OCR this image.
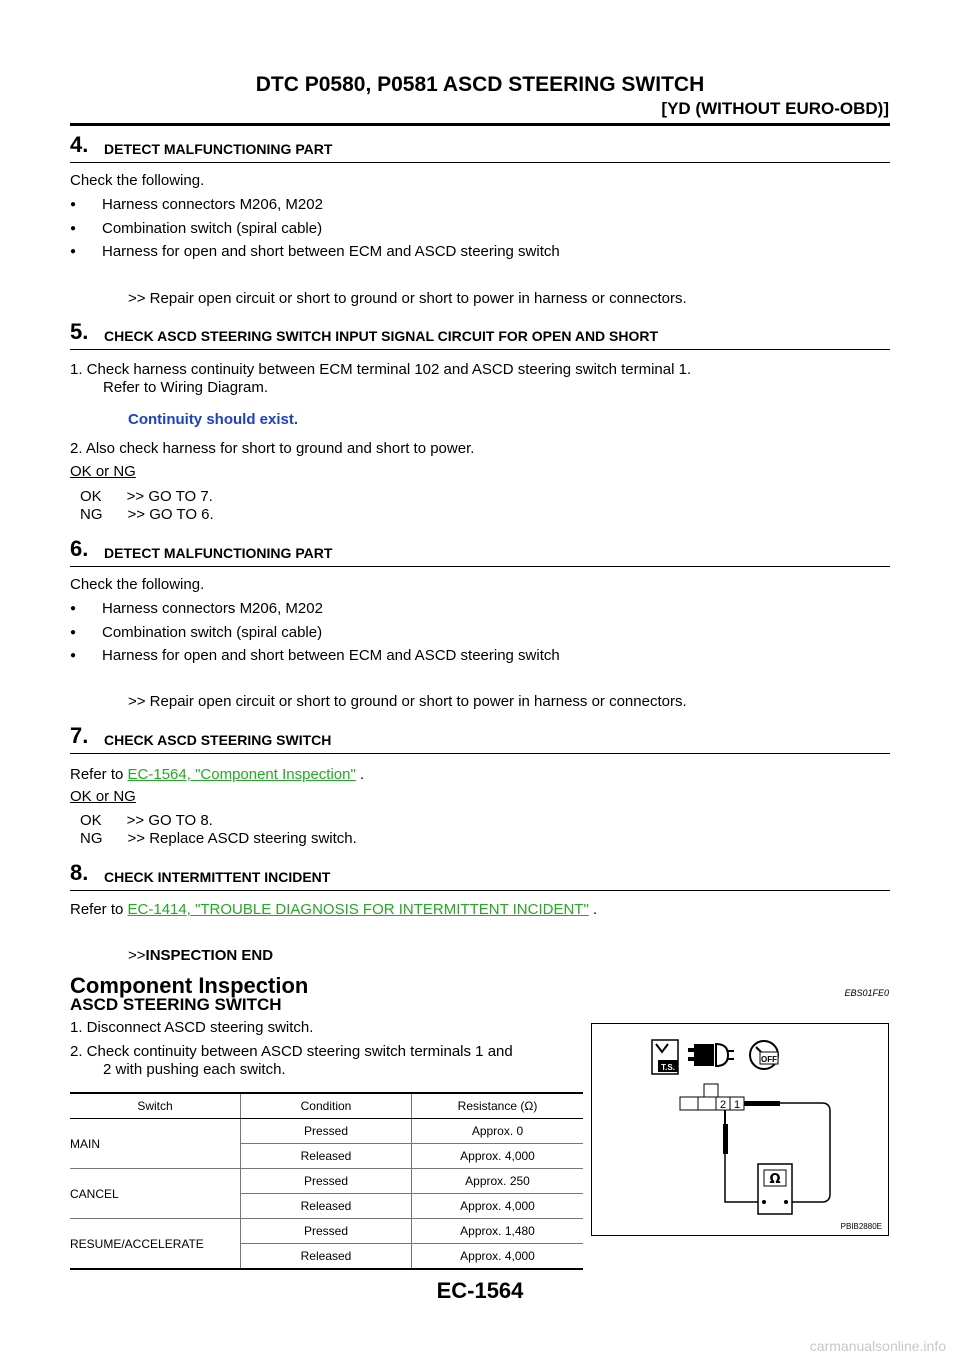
DTC P0580, P0581 ASCD STEERING SWITCH
[YD (WITHOUT EURO-OBD)]
4. DETECT MALFUNCTIONING PART
Check the following.
● Harness connectors M206, M202
● Combination switch (spiral cable)
● Harness for open and short between ECM and ASCD steering switch
>> Repair open circuit or short to ground or short to power in harness or connectors.
5. CHECK ASCD STEERING SWITCH INPUT SIGNAL CIRCUIT FOR OPEN AND SHORT
1. Check harness continuity between ECM terminal 102 and ASCD steering switch terminal 1.
Refer to Wiring Diagram.
Continuity should exist.
2. Also check harness for short to ground and short to power.
OK or NG
OK      >> GO TO 7.
NG      >> GO TO 6.
6. DETECT MALFUNCTIONING PART
Check the following.
● Harness connectors M206, M202
● Combination switch (spiral cable)
● Harness for open and short between ECM and ASCD steering switch
>> Repair open circuit or short to ground or short to power in harness or connectors.
7. CHECK ASCD STEERING SWITCH
Refer to EC-1564, "Component Inspection" .
OK or NG
OK      >> GO TO 8.
NG      >> Replace ASCD steering switch.
8. CHECK INTERMITTENT INCIDENT
Refer to EC-1414, "TROUBLE DIAGNOSIS FOR INTERMITTENT INCIDENT" .
>>INSPECTION END
Component Inspection	EBS01FE0
ASCD STEERING SWITCH
1. Disconnect ASCD steering switch.
2. Check continuity between ASCD steering switch terminals 1 and
2 with pushing each switch.
Switch	Condition	Resistance (Ω)
MAIN	Pressed	Approx. 0
	Released	Approx. 4,000
CANCEL	Pressed	Approx. 250
	Released	Approx. 4,000
RESUME/ACCELERATE	Pressed	Approx. 1,480
	Released	Approx. 4,000
T.S.
OFF
2 1
Ω
PBIB2880E
EC-1564
carmanualsonline.info
